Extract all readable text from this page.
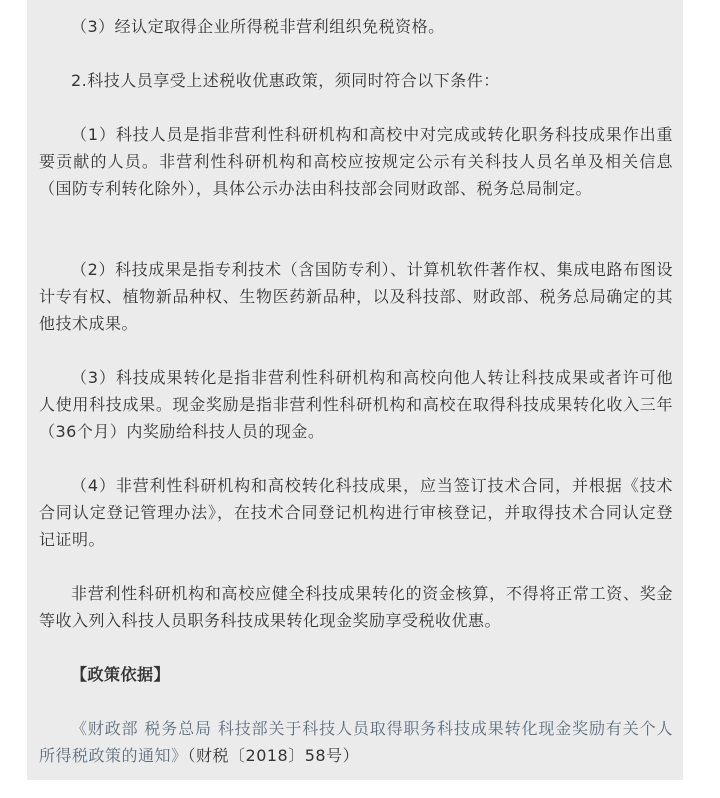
（3）经认定取得企业所得税非营利组织免税资格。

2.科技人员享受上述税收优惠政策，须同时符合以下条件：

（1）科技人员是指非营利性科研机构和高校中对完成或转化职务科技成果作出重要贡献的人员。非营利性科研机构和高校应按规定公示有关科技人员名单及相关信息（国防专利转化除外），具体公示办法由科技部会同财政部、税务总局制定。

（2）科技成果是指专利技术（含国防专利）、计算机软件著作权、集成电路布图设计专有权、植物新品种权、生物医药新品种，以及科技部、财政部、税务总局确定的其他技术成果。

（3）科技成果转化是指非营利性科研机构和高校向他人转让科技成果或者许可他人使用科技成果。现金奖励是指非营利性科研机构和高校在取得科技成果转化收入三年（36个月）内奖励给科技人员的现金。

（4）非营利性科研机构和高校转化科技成果，应当签订技术合同，并根据《技术合同认定登记管理办法》，在技术合同登记机构进行审核登记，并取得技术合同认定登记证明。

非营利性科研机构和高校应健全科技成果转化的资金核算，不得将正常工资、奖金等收入列入科技人员职务科技成果转化现金奖励享受税收优惠。

【政策依据】

《财政部 税务总局 科技部关于科技人员取得职务科技成果转化现金奖励有关个人所得税政策的通知》（财税〔2018〕58号）
